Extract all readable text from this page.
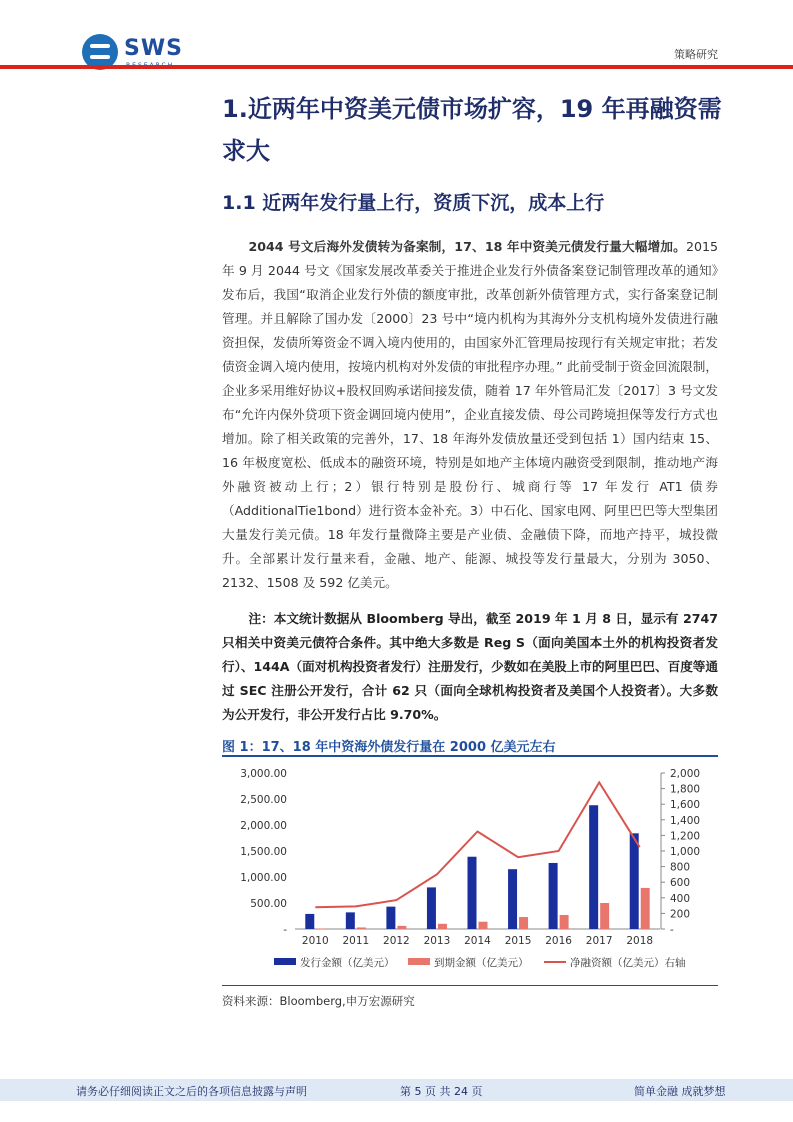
SWS	策略研究
1.近两年中资美元债市场扩容，19 年再融资需求大
1.1 近两年发行量上行，资质下沉，成本上行

2044 号文后海外发债转为备案制，17、18 年中资美元债发行量大幅增加。2015 年 9 月 2044 号文《国家发展改革委关于推进企业发行外债备案登记制管理改革的通知》发布后，我国“取消企业发行外债的额度审批，改革创新外债管理方式，实行备案登记制管理。并且解除了国办发〔2000〕23 号中“境内机构为其海外分支机构境外发债进行融资担保，发债所筹资金不调入境内使用的，由国家外汇管理局按现行有关规定审批；若发债资金调入境内使用，按境内机构对外发债的审批程序办理。” 此前受制于资金回流限制，企业多采用维好协议+股权回购承诺间接发债，随着 17 年外管局汇发〔2017〕3 号文发布“允许内保外贷项下资金调回境内使用”，企业直接发债、母公司跨境担保等发行方式也增加。除了相关政策的完善外，17、18 年海外发债放量还受到包括 1）国内结束 15、16 年极度宽松、低成本的融资环境，特别是如地产主体境内融资受到限制，推动地产海外融资被动上行；2）银行特别是股份行、城商行等 17 年发行 AT1 债券（AdditionalTie1bond）进行资本金补充。3）中石化、国家电网、阿里巴巴等大型集团大量发行美元债。18 年发行量微降主要是产业债、金融债下降，而地产持平，城投微升。全部累计发行量来看，金融、地产、能源、城投等发行量最大，分别为 3050、2132、1508 及 592 亿美元。

注：本文统计数据从 Bloomberg 导出，截至 2019 年 1 月 8 日，显示有 2747 只相关中资美元债符合条件。其中绝大多数是 Reg S（面向美国本土外的机构投资者发行）、144A（面对机构投资者发行）注册发行，少数如在美股上市的阿里巴巴、百度等通过 SEC 注册公开发行，合计 62 只（面向全球机构投资者及美国个人投资者）。大多数为公开发行，非公开发行占比 9.70%。

图 1：17、18 年中资海外债发行量在 2000 亿美元左右
-
500.00
1,000.00
1,500.00
2,000.00
2,500.00
3,000.00
-
200
400
600
800
1,000
1,200
1,400
1,600
1,800
2,000
2010 2011 2012 2013 2014 2015 2016 2017 2018
发行金额（亿美元）	到期金额（亿美元）	净融资额（亿美元）右轴
资料来源：Bloomberg,申万宏源研究
请务必仔细阅读正文之后的各项信息披露与声明	第 5 页 共 24 页	简单金融 成就梦想
